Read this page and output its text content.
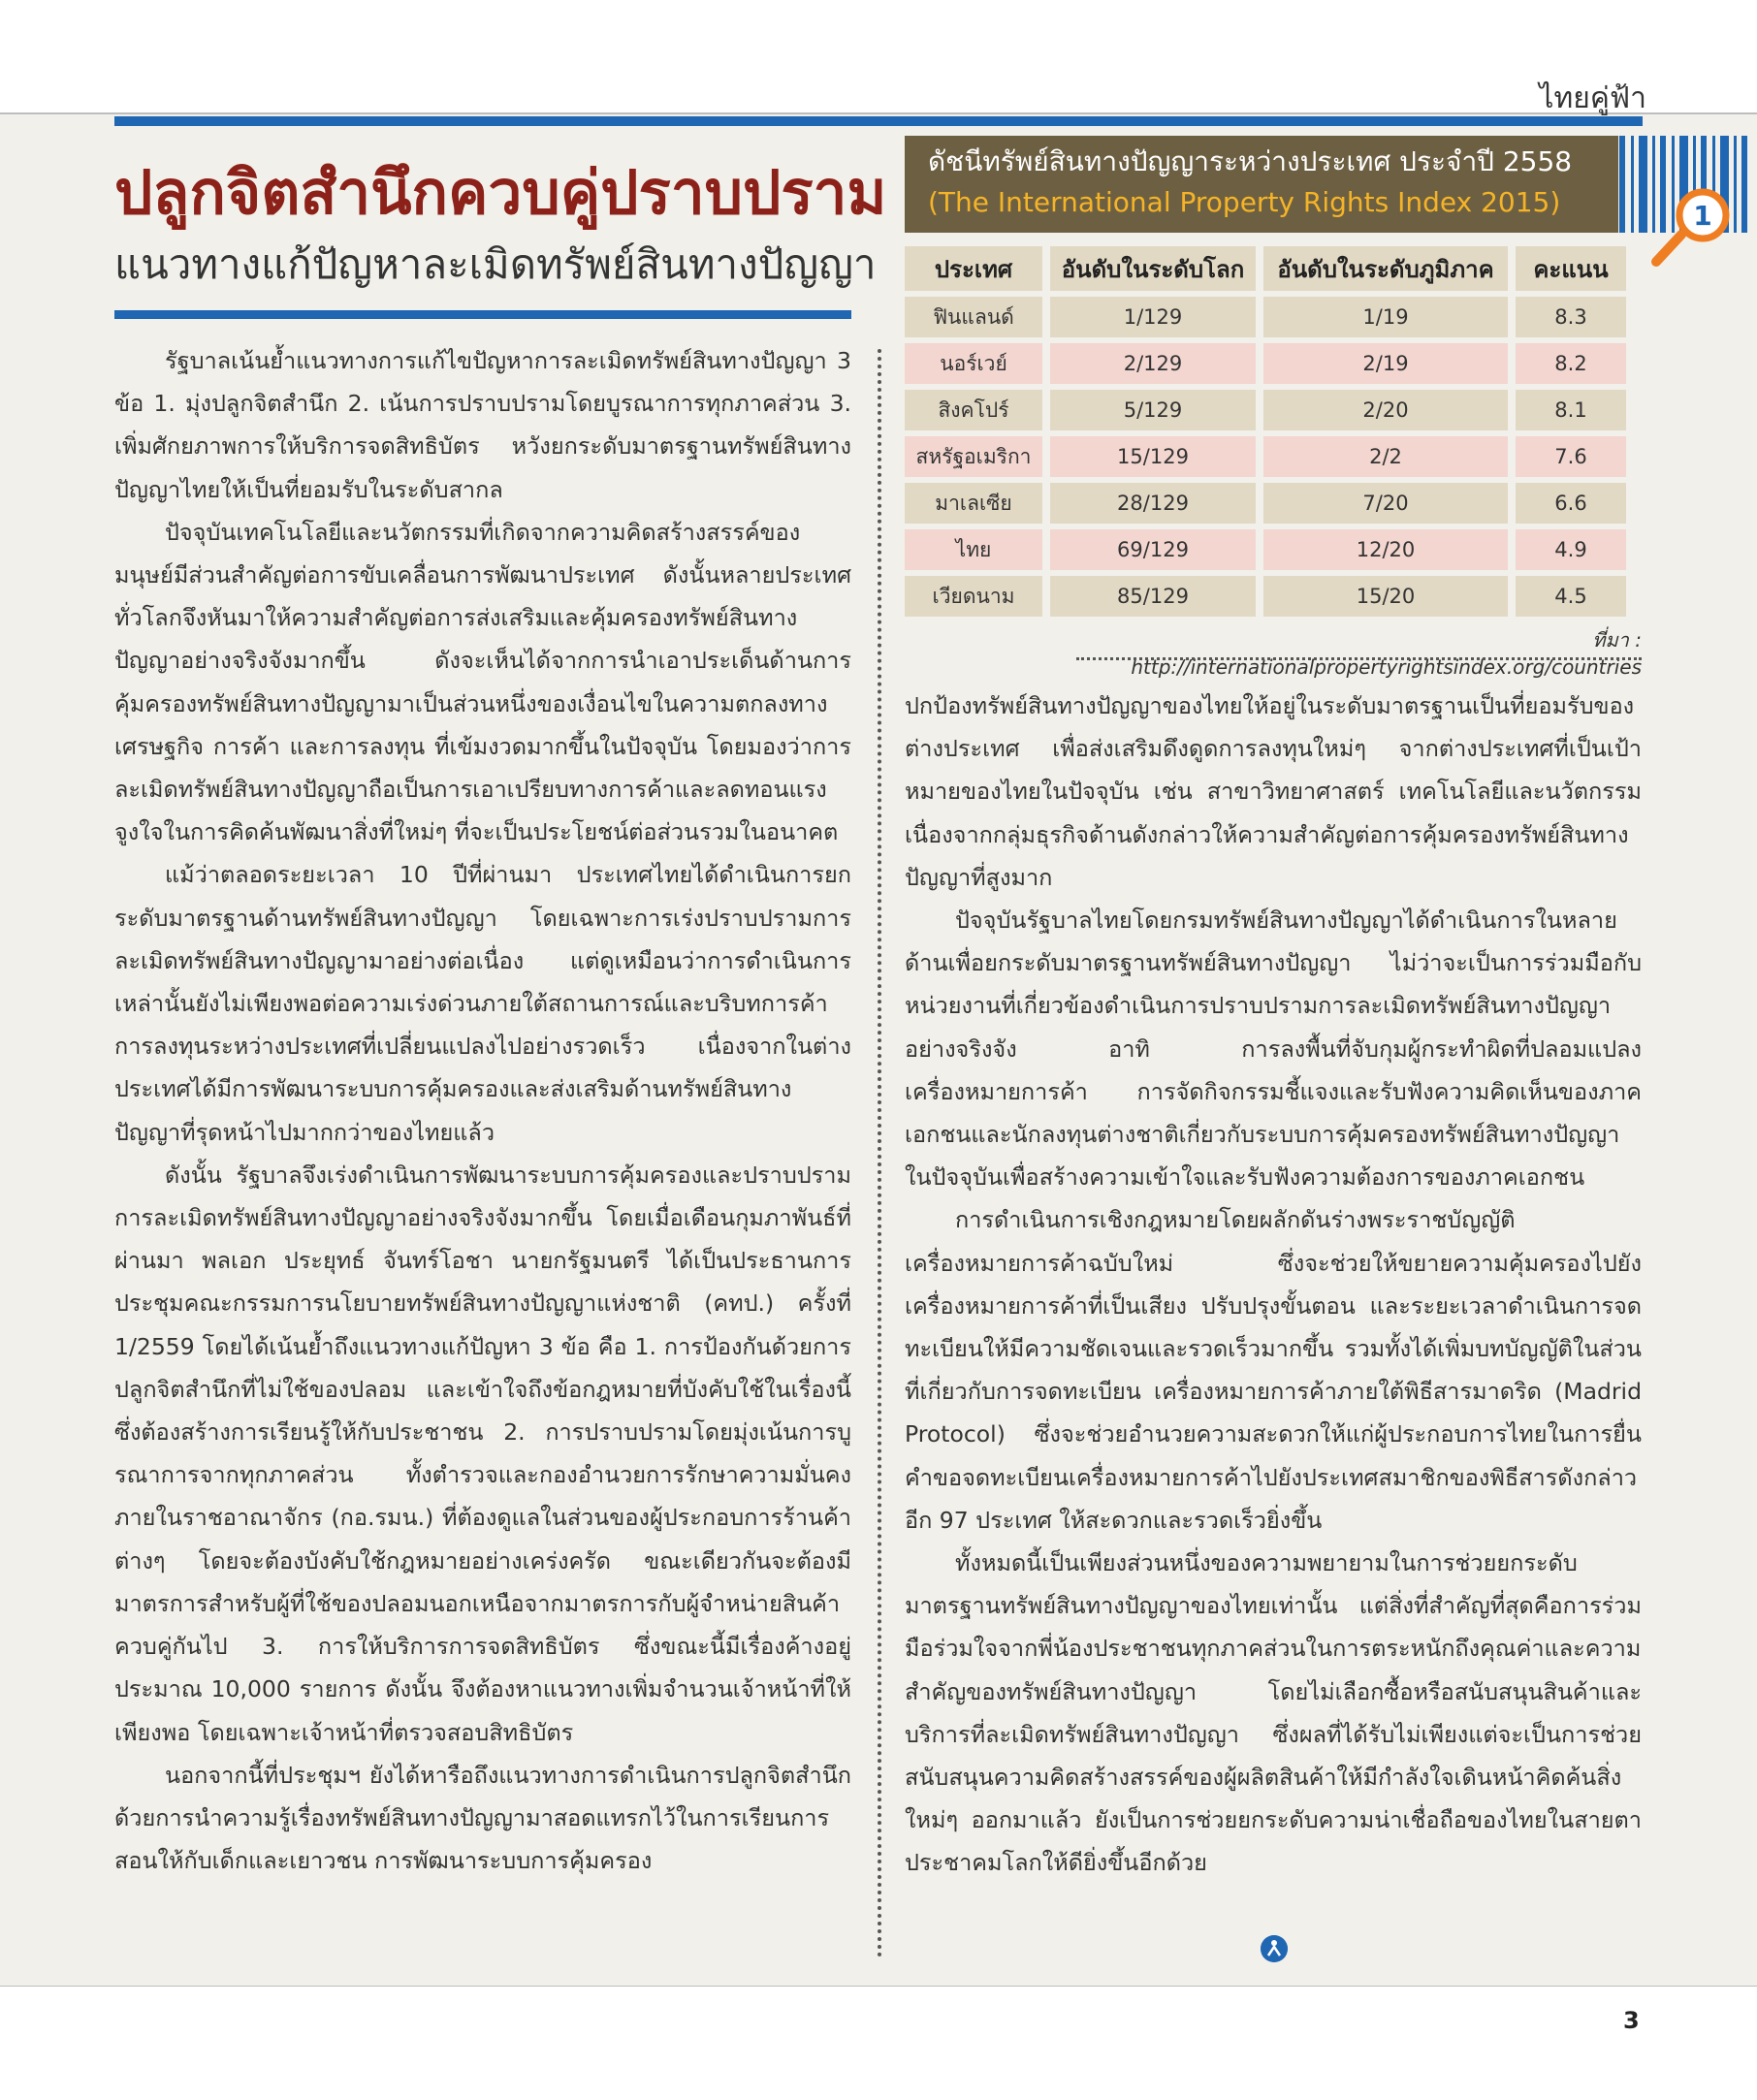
ไทยคู่ฟ้า
ปลูกจิตสำนึกควบคู่ปราบปราม
แนวทางแก้ปัญหาละเมิดทรัพย์สินทางปัญญา

รัฐบาลเน้นย้ำแนวทางการแก้ไขปัญหาการละเมิดทรัพย์สินทางปัญญา 3 ข้อ 1. มุ่งปลูกจิตสำนึก 2. เน้นการปราบปรามโดยบูรณาการทุกภาคส่วน 3. เพิ่มศักยภาพการให้บริการจดสิทธิบัตร หวังยกระดับมาตรฐานทรัพย์สินทางปัญญาไทยให้เป็นที่ยอมรับในระดับสากล

ปัจจุบันเทคโนโลยีและนวัตกรรมที่เกิดจากความคิดสร้างสรรค์ของมนุษย์มีส่วนสำคัญต่อการขับเคลื่อนการพัฒนาประเทศ ดังนั้นหลายประเทศทั่วโลกจึงหันมาให้ความสำคัญต่อการส่งเสริมและคุ้มครองทรัพย์สินทางปัญญาอย่างจริงจังมากขึ้น ดังจะเห็นได้จากการนำเอาประเด็นด้านการคุ้มครองทรัพย์สินทางปัญญามาเป็นส่วนหนึ่งของเงื่อนไขในความตกลงทางเศรษฐกิจ การค้า และการลงทุน ที่เข้มงวดมากขึ้นในปัจจุบัน โดยมองว่าการละเมิดทรัพย์สินทางปัญญาถือเป็นการเอาเปรียบทางการค้าและลดทอนแรงจูงใจในการคิดค้นพัฒนาสิ่งที่ใหม่ๆ ที่จะเป็นประโยชน์ต่อส่วนรวมในอนาคต

แม้ว่าตลอดระยะเวลา 10 ปีที่ผ่านมา ประเทศไทยได้ดำเนินการยกระดับมาตรฐานด้านทรัพย์สินทางปัญญา โดยเฉพาะการเร่งปราบปรามการละเมิดทรัพย์สินทางปัญญามาอย่างต่อเนื่อง แต่ดูเหมือนว่าการดำเนินการเหล่านั้นยังไม่เพียงพอต่อความเร่งด่วนภายใต้สถานการณ์และบริบทการค้าการลงทุนระหว่างประเทศที่เปลี่ยนแปลงไปอย่างรวดเร็ว เนื่องจากในต่างประเทศได้มีการพัฒนาระบบการคุ้มครองและส่งเสริมด้านทรัพย์สินทางปัญญาที่รุดหน้าไปมากกว่าของไทยแล้ว

ดังนั้น รัฐบาลจึงเร่งดำเนินการพัฒนาระบบการคุ้มครองและปราบปรามการละเมิดทรัพย์สินทางปัญญาอย่างจริงจังมากขึ้น โดยเมื่อเดือนกุมภาพันธ์ที่ผ่านมา พลเอก ประยุทธ์ จันทร์โอชา นายกรัฐมนตรี ได้เป็นประธานการประชุมคณะกรรมการนโยบายทรัพย์สินทางปัญญาแห่งชาติ (คทป.) ครั้งที่ 1/2559 โดยได้เน้นย้ำถึงแนวทางแก้ปัญหา 3 ข้อ คือ 1. การป้องกันด้วยการปลูกจิตสำนึกที่ไม่ใช้ของปลอม และเข้าใจถึงข้อกฎหมายที่บังคับใช้ในเรื่องนี้ ซึ่งต้องสร้างการเรียนรู้ให้กับประชาชน 2. การปราบปรามโดยมุ่งเน้นการบูรณาการจากทุกภาคส่วน ทั้งตำรวจและกองอำนวยการรักษาความมั่นคงภายในราชอาณาจักร (กอ.รมน.) ที่ต้องดูแลในส่วนของผู้ประกอบการร้านค้าต่างๆ โดยจะต้องบังคับใช้กฎหมายอย่างเคร่งครัด ขณะเดียวกันจะต้องมีมาตรการสำหรับผู้ที่ใช้ของปลอมนอกเหนือจากมาตรการกับผู้จำหน่ายสินค้าควบคู่กันไป 3. การให้บริการการจดสิทธิบัตร ซึ่งขณะนี้มีเรื่องค้างอยู่ประมาณ 10,000 รายการ ดังนั้น จึงต้องหาแนวทางเพิ่มจำนวนเจ้าหน้าที่ให้เพียงพอ โดยเฉพาะเจ้าหน้าที่ตรวจสอบสิทธิบัตร

นอกจากนี้ที่ประชุมฯ ยังได้หารือถึงแนวทางการดำเนินการปลูกจิตสำนึกด้วยการนำความรู้เรื่องทรัพย์สินทางปัญญามาสอดแทรกไว้ในการเรียนการสอนให้กับเด็กและเยาวชน การพัฒนาระบบการคุ้มครอง

ดัชนีทรัพย์สินทางปัญญาระหว่างประเทศ ประจำปี 2558
(The International Property Rights Index 2015)	1
ประเทศ	อันดับในระดับโลก	อันดับในระดับภูมิภาค	คะแนน
ฟินแลนด์	1/129	1/19	8.3
นอร์เวย์	2/129	2/19	8.2
สิงคโปร์	5/129	2/20	8.1
สหรัฐอเมริกา	15/129	2/2	7.6
มาเลเซีย	28/129	7/20	6.6
ไทย	69/129	12/20	4.9
เวียดนาม	85/129	15/20	4.5
ที่มา : http://internationalpropertyrightsindex.org/countries

ปกป้องทรัพย์สินทางปัญญาของไทยให้อยู่ในระดับมาตรฐานเป็นที่ยอมรับของต่างประเทศ เพื่อส่งเสริมดึงดูดการลงทุนใหม่ๆ จากต่างประเทศที่เป็นเป้าหมายของไทยในปัจจุบัน เช่น สาขาวิทยาศาสตร์ เทคโนโลยีและนวัตกรรม เนื่องจากกลุ่มธุรกิจด้านดังกล่าวให้ความสำคัญต่อการคุ้มครองทรัพย์สินทางปัญญาที่สูงมาก

ปัจจุบันรัฐบาลไทยโดยกรมทรัพย์สินทางปัญญาได้ดำเนินการในหลายด้านเพื่อยกระดับมาตรฐานทรัพย์สินทางปัญญา ไม่ว่าจะเป็นการร่วมมือกับหน่วยงานที่เกี่ยวข้องดำเนินการปราบปรามการละเมิดทรัพย์สินทางปัญญาอย่างจริงจัง อาทิ การลงพื้นที่จับกุมผู้กระทำผิดที่ปลอมแปลงเครื่องหมายการค้า การจัดกิจกรรมชี้แจงและรับฟังความคิดเห็นของภาคเอกชนและนักลงทุนต่างชาติเกี่ยวกับระบบการคุ้มครองทรัพย์สินทางปัญญาในปัจจุบันเพื่อสร้างความเข้าใจและรับฟังความต้องการของภาคเอกชน

การดำเนินการเชิงกฎหมายโดยผลักดันร่างพระราชบัญญัติเครื่องหมายการค้าฉบับใหม่ ซึ่งจะช่วยให้ขยายความคุ้มครองไปยังเครื่องหมายการค้าที่เป็นเสียง ปรับปรุงขั้นตอน และระยะเวลาดำเนินการจดทะเบียนให้มีความชัดเจนและรวดเร็วมากขึ้น รวมทั้งได้เพิ่มบทบัญญัติในส่วนที่เกี่ยวกับการจดทะเบียน เครื่องหมายการค้าภายใต้พิธีสารมาดริด (Madrid Protocol) ซึ่งจะช่วยอำนวยความสะดวกให้แก่ผู้ประกอบการไทยในการยื่นคำขอจดทะเบียนเครื่องหมายการค้าไปยังประเทศสมาชิกของพิธีสารดังกล่าวอีก 97 ประเทศ ให้สะดวกและรวดเร็วยิ่งขึ้น

ทั้งหมดนี้เป็นเพียงส่วนหนึ่งของความพยายามในการช่วยยกระดับมาตรฐานทรัพย์สินทางปัญญาของไทยเท่านั้น แต่สิ่งที่สำคัญที่สุดคือการร่วมมือร่วมใจจากพี่น้องประชาชนทุกภาคส่วนในการตระหนักถึงคุณค่าและความสำคัญของทรัพย์สินทางปัญญา โดยไม่เลือกซื้อหรือสนับสนุนสินค้าและบริการที่ละเมิดทรัพย์สินทางปัญญา ซึ่งผลที่ได้รับไม่เพียงแต่จะเป็นการช่วยสนับสนุนความคิดสร้างสรรค์ของผู้ผลิตสินค้าให้มีกำลังใจเดินหน้าคิดค้นสิ่งใหม่ๆ ออกมาแล้ว ยังเป็นการช่วยยกระดับความน่าเชื่อถือของไทยในสายตาประชาคมโลกให้ดียิ่งขึ้นอีกด้วย

3
